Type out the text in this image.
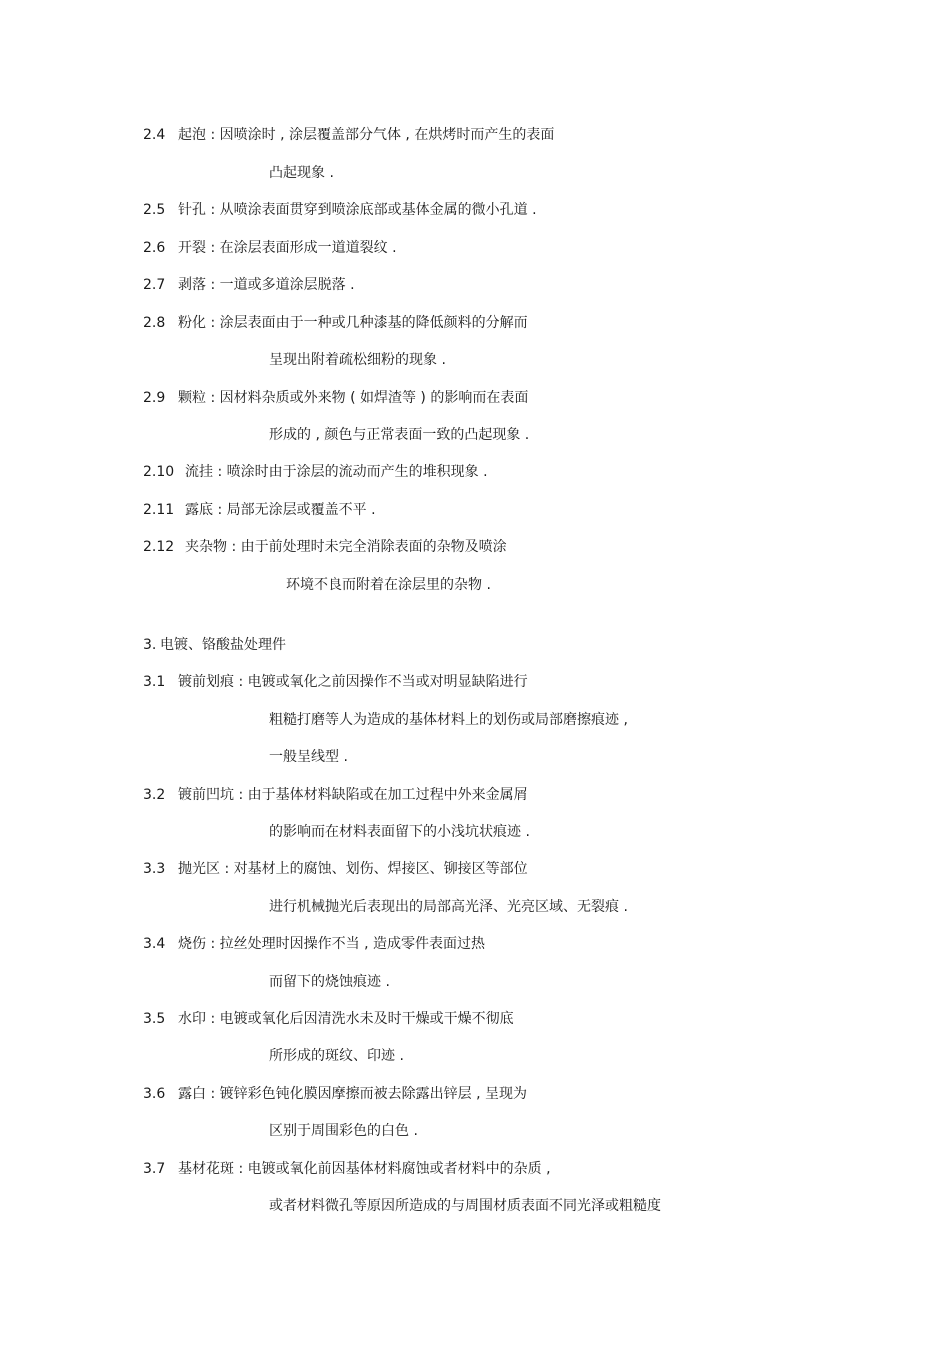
2.4 起泡 : 因喷涂时 , 涂层覆盖部分气体 , 在烘烤时而产生的表面
凸起现象 .
2.5 针孔 : 从喷涂表面贯穿到喷涂底部或基体金属的微小孔道 .
2.6 开裂 : 在涂层表面形成一道道裂纹 .
2.7 剥落 : 一道或多道涂层脱落 .
2.8 粉化 : 涂层表面由于一种或几种漆基的降低颜料的分解而
呈现出附着疏松细粉的现象 .
2.9 颗粒 : 因材料杂质或外来物 ( 如焊渣等 ) 的影响而在表面
形成的 , 颜色与正常表面一致的凸起现象 .
2.10 流挂 : 喷涂时由于涂层的流动而产生的堆积现象 .
2.11 露底 : 局部无涂层或覆盖不平 .
2.12 夹杂物 : 由于前处理时未完全消除表面的杂物及喷涂
环境不良而附着在涂层里的杂物 .
3. 电镀、铬酸盐处理件
3.1 镀前划痕 : 电镀或氧化之前因操作不当或对明显缺陷进行
粗糙打磨等人为造成的基体材料上的划伤或局部磨擦痕迹 ,
一般呈线型 .
3.2 镀前凹坑 : 由于基体材料缺陷或在加工过程中外来金属屑
的影响而在材料表面留下的小浅坑状痕迹 .
3.3 抛光区 : 对基材上的腐蚀、划伤、焊接区、铆接区等部位
进行机械抛光后表现出的局部高光泽、光亮区域、无裂痕 .
3.4 烧伤 : 拉丝处理时因操作不当 , 造成零件表面过热
而留下的烧蚀痕迹 .
3.5 水印 : 电镀或氧化后因清洗水未及时干燥或干燥不彻底
所形成的斑纹、印迹 .
3.6 露白 : 镀锌彩色钝化膜因摩擦而被去除露出锌层 , 呈现为
区别于周围彩色的白色 .
3.7 基材花斑 : 电镀或氧化前因基体材料腐蚀或者材料中的杂质 ,
或者材料微孔等原因所造成的与周围材质表面不同光泽或粗糙度
